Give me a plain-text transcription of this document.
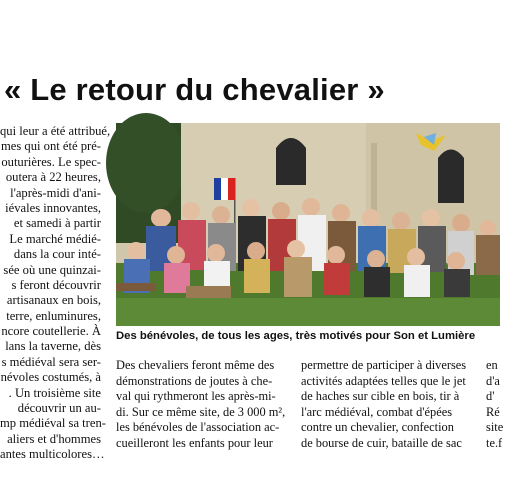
« Le retour du chevalier »
qui leur a été attribué,
mes qui ont été pré-
outurières. Le spec-
outera à 22 heures,
l'après-midi d'ani-
iévales innovantes,
et samedi à partir
Le marché médié-
dans la cour inté-
sée où une quinzai-
s feront découvrir
artisanaux en bois,
terre, enluminures,
ncore coutellerie. À
lans la taverne, dès
s médiéval sera ser-
névoles costumés, à
. Un troisième site
découvrir un au-
mp médiéval sa tren-
aliers et d'hommes
antes multicolores…
Des bénévoles, de tous les ages, très motivés pour Son et Lumière
Des chevaliers feront même des
démonstrations de joutes à che-
val qui rythmeront les après-mi-
di. Sur ce même site, de 3 000 m²,
les bénévoles de l'association ac-
cueilleront les enfants pour leur
permettre de participer à diverses
activités adaptées telles que le jet
de haches sur cible en bois, tir à
l'arc médiéval, combat d'épées
contre un chevalier, confection
de bourse de cuir, bataille de sac
en
d'a
d'
Ré
site
te.f
